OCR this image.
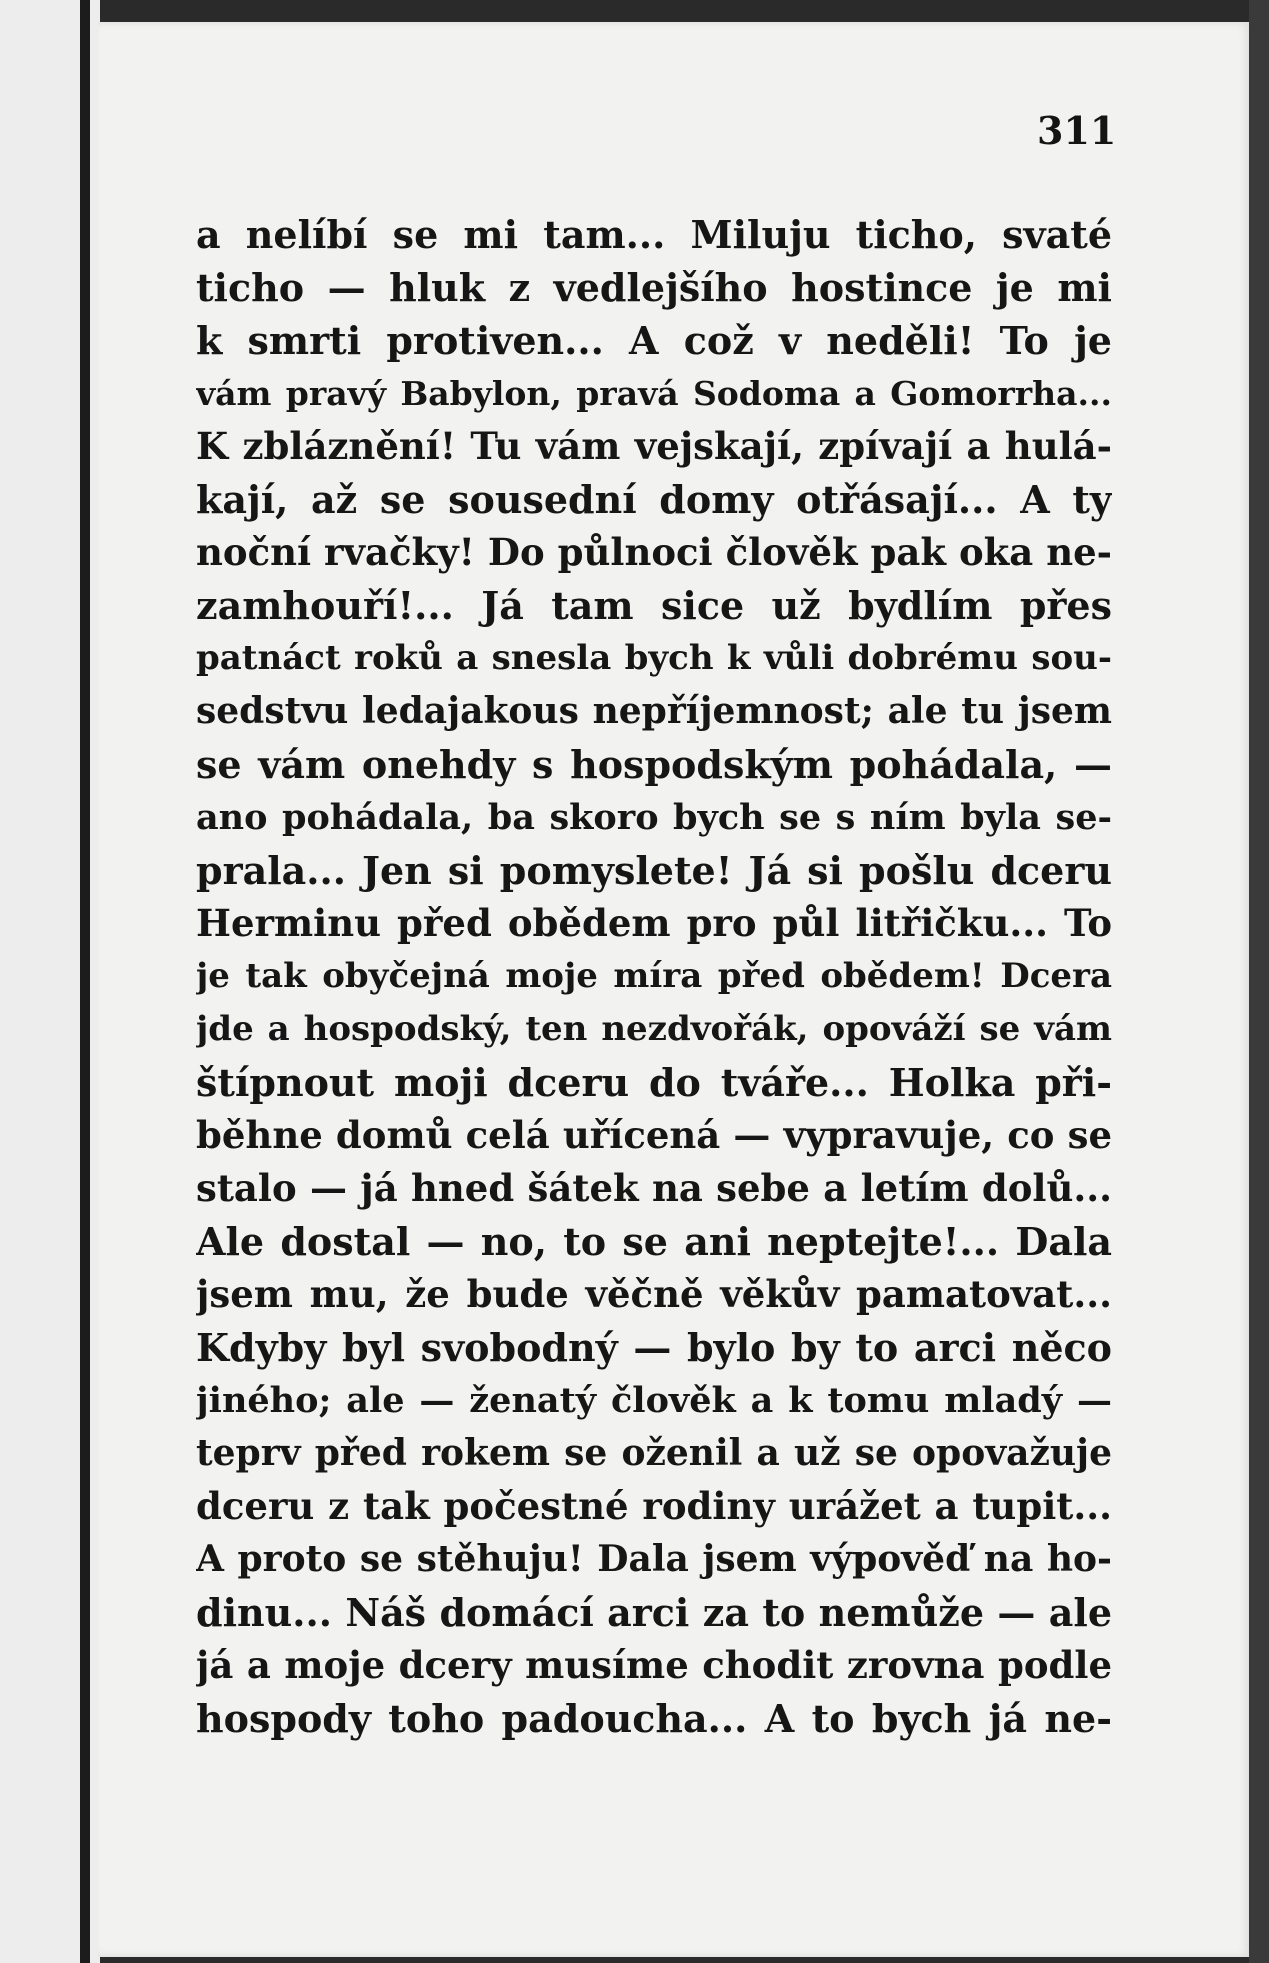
311
a nelíbí se mi tam... Miluju ticho, svaté
ticho — hluk z vedlejšího hostince je mi
k smrti protiven... A což v neděli! To je
vám pravý Babylon, pravá Sodoma a Gomorrha...
K zbláznění! Tu vám vejskají, zpívají a hulá-
kají, až se sousední domy otřásají... A ty
noční rvačky! Do půlnoci člověk pak oka ne-
zamhouří!... Já tam sice už bydlím přes
patnáct roků a snesla bych k vůli dobrému sou-
sedstvu ledajakous nepříjemnost; ale tu jsem
se vám onehdy s hospodským pohádala, —
ano pohádala, ba skoro bych se s ním byla se-
prala... Jen si pomyslete! Já si pošlu dceru
Herminu před obědem pro půl litřičku... To
je tak obyčejná moje míra před obědem! Dcera
jde a hospodský, ten nezdvořák, opováží se vám
štípnout moji dceru do tváře... Holka při-
běhne domů celá uřícená — vypravuje, co se
stalo — já hned šátek na sebe a letím dolů...
Ale dostal — no, to se ani neptejte!... Dala
jsem mu, že bude věčně věkův pamatovat...
Kdyby byl svobodný — bylo by to arci něco
jiného; ale — ženatý člověk a k tomu mladý —
teprv před rokem se oženil a už se opovažuje
dceru z tak počestné rodiny urážet a tupit...
A proto se stěhuju! Dala jsem výpověď na ho-
dinu... Náš domácí arci za to nemůže — ale
já a moje dcery musíme chodit zrovna podle
hospody toho padoucha... A to bych já ne-
